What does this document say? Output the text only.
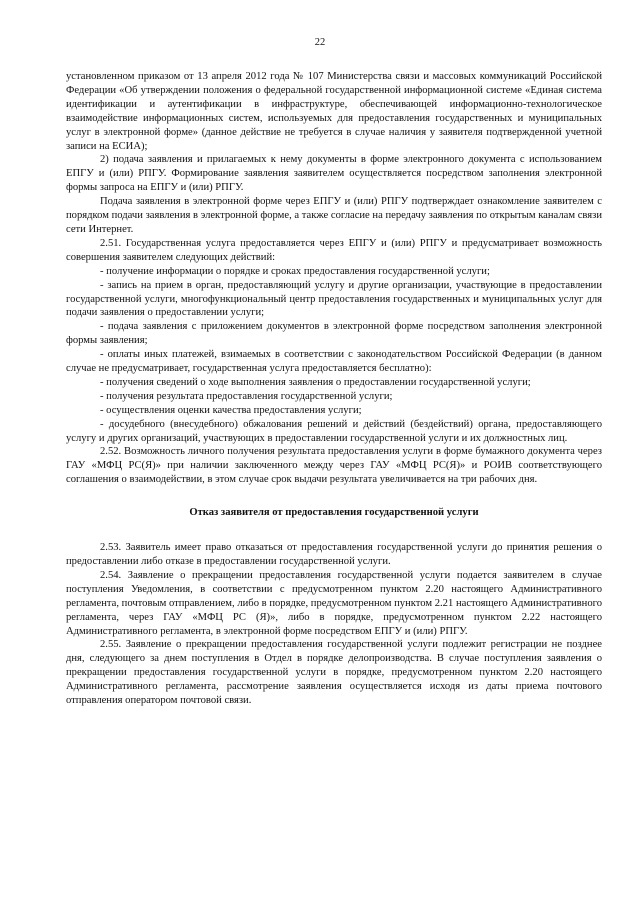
22

установленном приказом от 13 апреля 2012 года № 107 Министерства связи и массовых коммуникаций Российской Федерации «Об утверждении положения о федеральной государственной информационной системе «Единая система идентификации и аутентификации в инфраструктуре, обеспечивающей информационно-технологическое взаимодействие информационных систем, используемых для предоставления государственных и муниципальных услуг в электронной форме» (данное действие не требуется в случае наличия у заявителя подтвержденной учетной записи на ЕСИА);

2) подача заявления и прилагаемых к нему документы в форме электронного документа с использованием ЕПГУ и (или) РПГУ. Формирование заявления заявителем осуществляется посредством заполнения электронной формы запроса на ЕПГУ и (или) РПГУ.

Подача заявления в электронной форме через ЕПГУ и (или) РПГУ подтверждает ознакомление заявителем с порядком подачи заявления в электронной форме, а также согласие на передачу заявления по открытым каналам связи сети Интернет.

2.51. Государственная услуга предоставляется через ЕПГУ и (или) РПГУ и предусматривает возможность совершения заявителем следующих действий:

- получение информации о порядке и сроках предоставления государственной услуги;

- запись на прием в орган, предоставляющий услугу и другие организации, участвующие в предоставлении государственной услуги, многофункциональный центр предоставления государственных и муниципальных услуг для подачи заявления о предоставлении услуги;

- подача заявления с приложением документов в электронной форме посредством заполнения электронной формы заявления;

- оплаты иных платежей, взимаемых в соответствии с законодательством Российской Федерации (в данном случае не предусматривает, государственная услуга предоставляется бесплатно):

- получения сведений о ходе выполнения заявления о предоставлении государственной услуги;

- получения результата предоставления государственной услуги;

- осуществления оценки качества предоставления услуги;

- досудебного (внесудебного) обжалования решений и действий (бездействий) органа, предоставляющего услугу и других организаций, участвующих в предоставлении государственной услуги и их должностных лиц.

2.52. Возможность личного получения результата предоставления услуги в форме бумажного документа через ГАУ «МФЦ РС(Я)» при наличии заключенного между через ГАУ «МФЦ РС(Я)» и РОИВ соответствующего соглашения о взаимодействии, в этом случае срок выдачи результата увеличивается на три рабочих дня.

Отказ заявителя от предоставления государственной услуги

2.53. Заявитель имеет право отказаться от предоставления государственной услуги до принятия решения о предоставлении либо отказе в предоставлении государственной услуги.

2.54. Заявление о прекращении предоставления государственной услуги подается заявителем в случае поступления Уведомления, в соответствии с предусмотренном пунктом 2.20 настоящего Административного регламента, почтовым отправлением, либо в порядке, предусмотренном пунктом 2.21 настоящего Административного регламента, через ГАУ «МФЦ РС (Я)», либо в порядке, предусмотренном пунктом 2.22 настоящего Административного регламента, в электронной форме посредством ЕПГУ и (или) РПГУ.

2.55. Заявление о прекращении предоставления государственной услуги подлежит регистрации не позднее дня, следующего за днем поступления в Отдел в порядке делопроизводства. В случае поступления заявления о прекращении предоставления государственной услуги в порядке, предусмотренном пунктом 2.20 настоящего Административного регламента, рассмотрение заявления осуществляется исходя из даты приема почтового отправления оператором почтовой связи.
